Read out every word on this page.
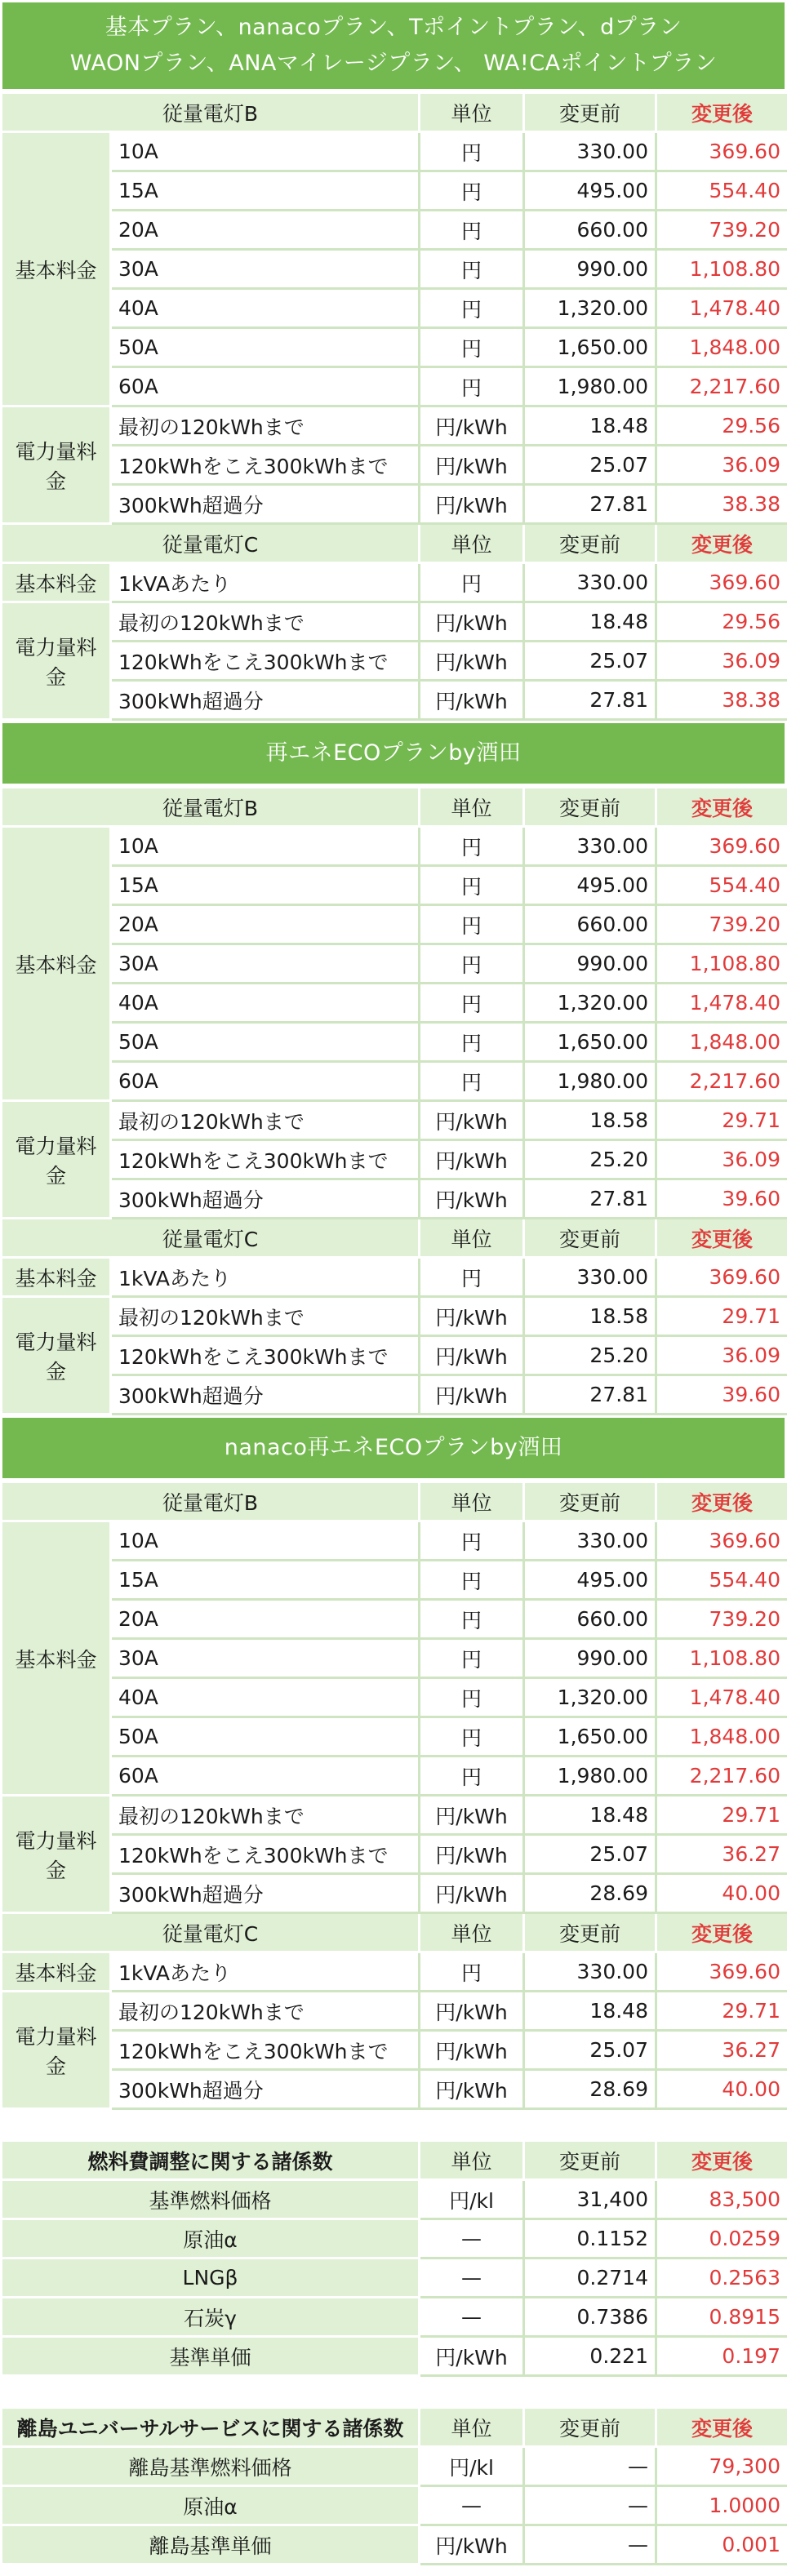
基本プラン、nanacoプラン、Tポイントプラン、dプラン
WAONプラン、ANAマイレージプラン、 WA!CAポイントプラン
従量電灯B		単位	変更前	変更後
基本料金	10A	円	330.00	369.60
	15A	円	495.00	554.40
	20A	円	660.00	739.20
	30A	円	990.00	1,108.80
	40A	円	1,320.00	1,478.40
	50A	円	1,650.00	1,848.00
	60A	円	1,980.00	2,217.60
電力量料金	最初の120kWhまで	円/kWh	18.48	29.56
	120kWhをこえ300kWhまで	円/kWh	25.07	36.09
	300kWh超過分	円/kWh	27.81	38.38
従量電灯C		単位	変更前	変更後
基本料金	1kVAあたり	円	330.00	369.60
電力量料金	最初の120kWhまで	円/kWh	18.48	29.56
	120kWhをこえ300kWhまで	円/kWh	25.07	36.09
	300kWh超過分	円/kWh	27.81	38.38
再エネECOプランby酒田
従量電灯B		単位	変更前	変更後
基本料金	10A	円	330.00	369.60
	15A	円	495.00	554.40
	20A	円	660.00	739.20
	30A	円	990.00	1,108.80
	40A	円	1,320.00	1,478.40
	50A	円	1,650.00	1,848.00
	60A	円	1,980.00	2,217.60
電力量料金	最初の120kWhまで	円/kWh	18.58	29.71
	120kWhをこえ300kWhまで	円/kWh	25.20	36.09
	300kWh超過分	円/kWh	27.81	39.60
従量電灯C		単位	変更前	変更後
基本料金	1kVAあたり	円	330.00	369.60
電力量料金	最初の120kWhまで	円/kWh	18.58	29.71
	120kWhをこえ300kWhまで	円/kWh	25.20	36.09
	300kWh超過分	円/kWh	27.81	39.60
nanaco再エネECOプランby酒田
従量電灯B		単位	変更前	変更後
基本料金	10A	円	330.00	369.60
	15A	円	495.00	554.40
	20A	円	660.00	739.20
	30A	円	990.00	1,108.80
	40A	円	1,320.00	1,478.40
	50A	円	1,650.00	1,848.00
	60A	円	1,980.00	2,217.60
電力量料金	最初の120kWhまで	円/kWh	18.48	29.71
	120kWhをこえ300kWhまで	円/kWh	25.07	36.27
	300kWh超過分	円/kWh	28.69	40.00
従量電灯C		単位	変更前	変更後
基本料金	1kVAあたり	円	330.00	369.60
電力量料金	最初の120kWhまで	円/kWh	18.48	29.71
	120kWhをこえ300kWhまで	円/kWh	25.07	36.27
	300kWh超過分	円/kWh	28.69	40.00
燃料費調整に関する諸係数	単位	変更前	変更後
基準燃料価格	円/kl	31,400	83,500
原油α	—	0.1152	0.0259
LNGβ	—	0.2714	0.2563
石炭γ	—	0.7386	0.8915
基準単価	円/kWh	0.221	0.197
離島ユニバーサルサービスに関する諸係数	単位	変更前	変更後
離島基準燃料価格	円/kl	—	79,300
原油α	—	—	1.0000
離島基準単価	円/kWh	—	0.001
